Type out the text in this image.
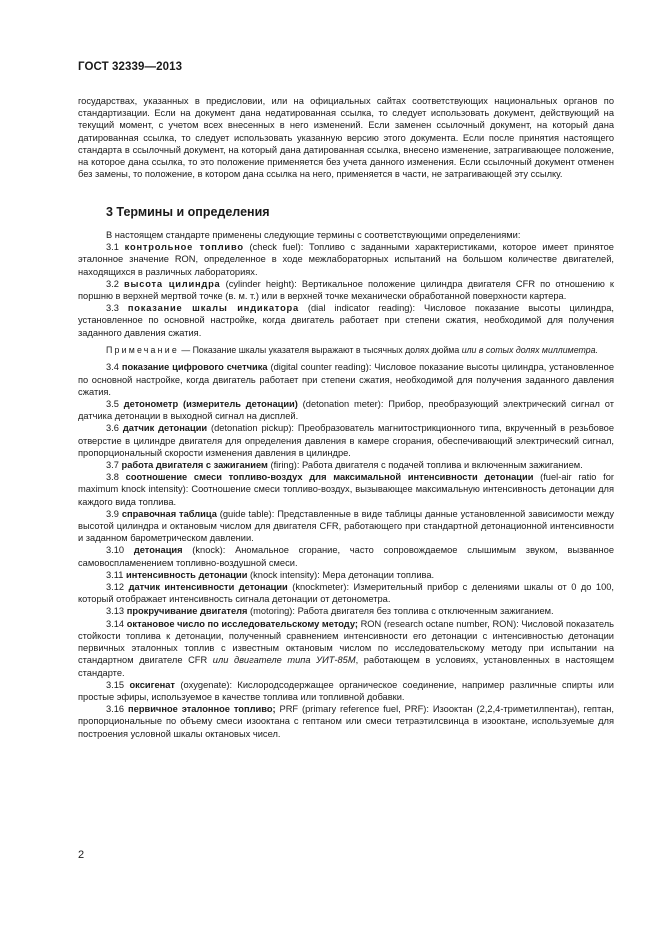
ГОСТ 32339—2013

государствах, указанных в предисловии, или на официальных сайтах соответствующих национальных органов по стандартизации. Если на документ дана недатированная ссылка, то следует использовать документ, действующий на текущий момент, с учетом всех внесенных в него изменений. Если заменен ссылочный документ, на который дана датированная ссылка, то следует использовать указанную версию этого документа. Если после принятия настоящего стандарта в ссылочный документ, на который дана датированная ссылка, внесено изменение, затрагивающее положение, на которое дана ссылка, то это положение применяется без учета данного изменения. Если ссылочный документ отменен без замены, то положение, в котором дана ссылка на него, применяется в части, не затрагивающей эту ссылку.

3 Термины и определения

В настоящем стандарте применены следующие термины с соответствующими определениями:

3.1 контрольное топливо (check fuel): Топливо с заданными характеристиками, которое имеет принятое эталонное значение RON, определенное в ходе межлабораторных испытаний на большом количестве двигателей, находящихся в различных лабораториях.

3.2 высота цилиндра (cylinder height): Вертикальное положение цилиндра двигателя CFR по отношению к поршню в верхней мертвой точке (в. м. т.) или в верхней точке механически обработанной поверхности картера.

3.3 показание шкалы индикатора (dial indicator reading): Числовое показание высоты цилиндра, установленное по основной настройке, когда двигатель работает при степени сжатия, необходимой для получения заданного давления сжатия.

Примечание — Показание шкалы указателя выражают в тысячных долях дюйма или в сотых долях миллиметра.

3.4 показание цифрового счетчика (digital counter reading): Числовое показание высоты цилиндра, установленное по основной настройке, когда двигатель работает при степени сжатия, необходимой для получения заданного давления сжатия.

3.5 детонометр (измеритель детонации) (detonation meter): Прибор, преобразующий электрический сигнал от датчика детонации в выходной сигнал на дисплей.

3.6 датчик детонации (detonation pickup): Преобразователь магнитострикционного типа, вкрученный в резьбовое отверстие в цилиндре двигателя для определения давления в камере сгорания, обеспечивающий электрический сигнал, пропорциональный скорости изменения давления в цилиндре.

3.7 работа двигателя с зажиганием (firing): Работа двигателя с подачей топлива и включенным зажиганием.

3.8 соотношение смеси топливо-воздух для максимальной интенсивности детонации (fuel-air ratio for maximum knock intensity): Соотношение смеси топливо-воздух, вызывающее максимальную интенсивность детонации для каждого вида топлива.

3.9 справочная таблица (guide table): Представленные в виде таблицы данные установленной зависимости между высотой цилиндра и октановым числом для двигателя CFR, работающего при стандартной детонационной интенсивности и заданном барометрическом давлении.

3.10 детонация (knock): Аномальное сгорание, часто сопровождаемое слышимым звуком, вызванное самовоспламенением топливно-воздушной смеси.

3.11 интенсивность детонации (knock intensity): Мера детонации топлива.

3.12 датчик интенсивности детонации (knockmeter): Измерительный прибор с делениями шкалы от 0 до 100, который отображает интенсивность сигнала детонации от детонометра.

3.13 прокручивание двигателя (motoring): Работа двигателя без топлива с отключенным зажиганием.

3.14 октановое число по исследовательскому методу; RON (research octane number, RON): Числовой показатель стойкости топлива к детонации, полученный сравнением интенсивности его детонации с интенсивностью детонации первичных эталонных топлив с известным октановым числом по исследовательскому методу при испытании на стандартном двигателе CFR или двигателе типа УИТ-85М, работающем в условиях, установленных в настоящем стандарте.

3.15 оксигенат (oxygenate): Кислородсодержащее органическое соединение, например различные спирты или простые эфиры, используемое в качестве топлива или топливной добавки.

3.16 первичное эталонное топливо; PRF (primary reference fuel, PRF): Изооктан (2,2,4-триметилпентан), гептан, пропорциональные по объему смеси изооктана с гептаном или смеси тетраэтилсвинца в изооктане, используемые для построения условной шкалы октановых чисел.

2
